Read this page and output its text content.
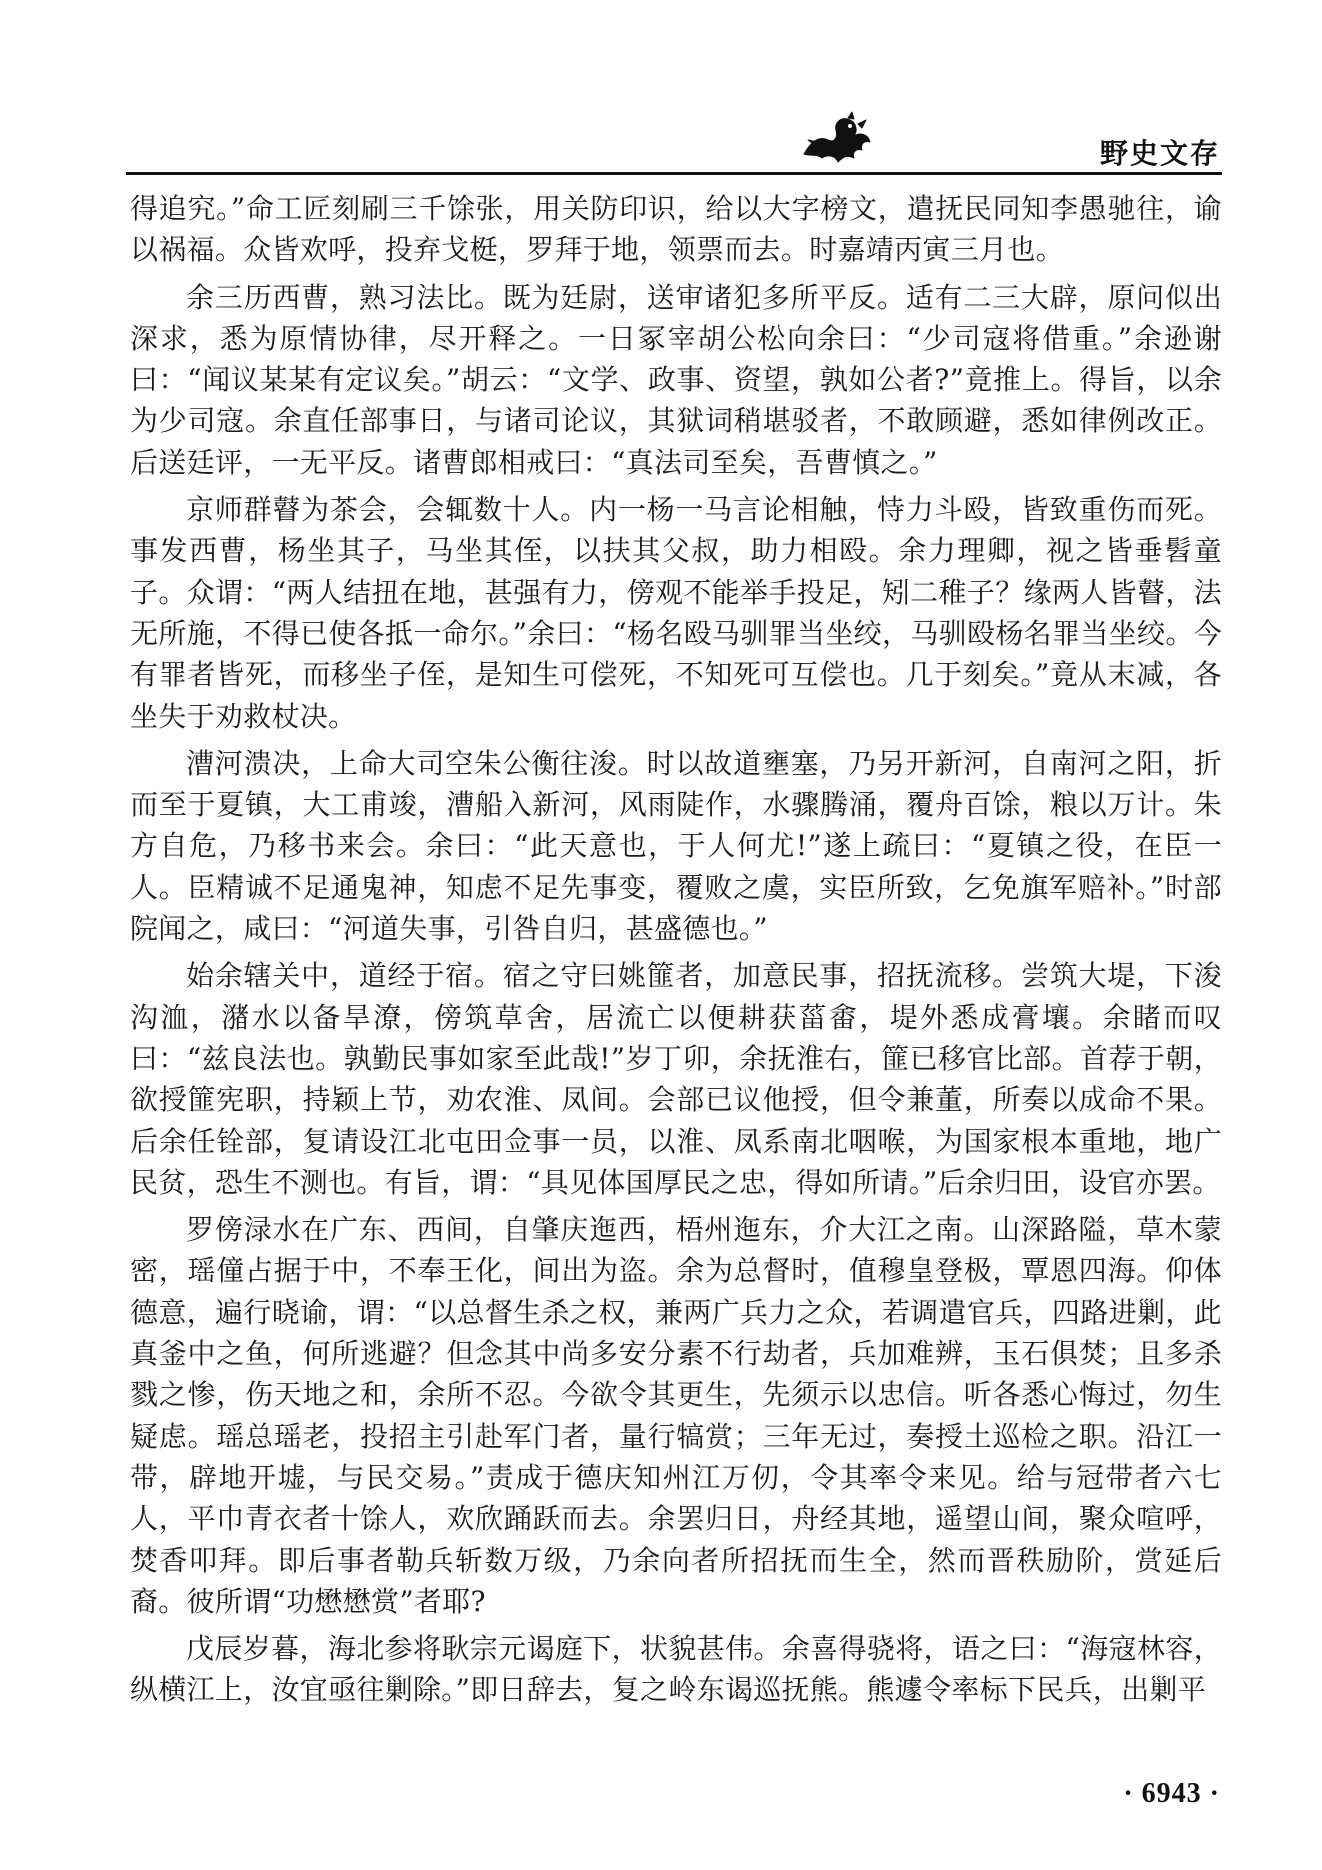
野史文存

得追究。”命工匠刻刷三千馀张，用关防印识，给以大字榜文，遣抚民同知李愚驰往，谕以祸福。众皆欢呼，投弃戈梃，罗拜于地，领票而去。时嘉靖丙寅三月也。

余三历西曹，熟习法比。既为廷尉，送审诸犯多所平反。适有二三大辟，原问似出深求，悉为原情协律，尽开释之。一日冢宰胡公松向余曰：“少司寇将借重。”余逊谢曰：“闻议某某有定议矣。”胡云：“文学、政事、资望，孰如公者?”竟推上。得旨，以余为少司寇。余直任部事日，与诸司论议，其狱词稍堪驳者，不敢顾避，悉如律例改正。后送廷评，一无平反。诸曹郎相戒曰：“真法司至矣，吾曹慎之。”

京师群瞽为茶会，会辄数十人。内一杨一马言论相触，恃力斗殴，皆致重伤而死。事发西曹，杨坐其子，马坐其侄，以扶其父叔，助力相殴。余力理卿，视之皆垂髫童子。众谓：“两人结扭在地，甚强有力，傍观不能举手投足，矧二稚子？缘两人皆瞽，法无所施，不得已使各抵一命尔。”余曰：“杨名殴马驯罪当坐绞，马驯殴杨名罪当坐绞。今有罪者皆死，而移坐子侄，是知生可偿死，不知死可互偿也。几于刻矣。”竟从末减，各坐失于劝救杖决。

漕河溃决，上命大司空朱公衡往浚。时以故道壅塞，乃另开新河，自南河之阳，折而至于夏镇，大工甫竣，漕船入新河，风雨陡作，水骤腾涌，覆舟百馀，粮以万计。朱方自危，乃移书来会。余曰：“此天意也，于人何尤!”遂上疏曰：“夏镇之役，在臣一人。臣精诚不足通鬼神，知虑不足先事变，覆败之虞，实臣所致，乞免旗军赔补。”时部院闻之，咸曰：“河道失事，引咎自归，甚盛德也。”

始余辖关中，道经于宿。宿之守曰姚篚者，加意民事，招抚流移。尝筑大堤，下浚沟洫，潴水以备旱潦，傍筑草舍，居流亡以便耕获菑畬，堤外悉成膏壤。余睹而叹曰：“兹良法也。孰勤民事如家至此哉!”岁丁卯，余抚淮右，篚已移官比部。首荐于朝，欲授篚宪职，持颖上节，劝农淮、凤间。会部已议他授，但令兼董，所奏以成命不果。后余任铨部，复请设江北屯田佥事一员，以淮、凤系南北咽喉，为国家根本重地，地广民贫，恐生不测也。有旨，谓：“具见体国厚民之忠，得如所请。”后余归田，设官亦罢。

罗傍渌水在广东、西间，自肇庆迤西，梧州迤东，介大江之南。山深路隘，草木蒙密，瑶僮占据于中，不奉王化，间出为盗。余为总督时，值穆皇登极，覃恩四海。仰体德意，遍行晓谕，谓：“以总督生杀之权，兼两广兵力之众，若调遣官兵，四路进剿，此真釜中之鱼，何所逃避？但念其中尚多安分素不行劫者，兵加难辨，玉石俱焚；且多杀戮之惨，伤天地之和，余所不忍。今欲令其更生，先须示以忠信。听各悉心悔过，勿生疑虑。瑶总瑶老，投招主引赴军门者，量行犒赏；三年无过，奏授土巡检之职。沿江一带，辟地开墟，与民交易。”责成于德庆知州江万仞，令其率令来见。给与冠带者六七人，平巾青衣者十馀人，欢欣踊跃而去。余罢归日，舟经其地，遥望山间，聚众喧呼，焚香叩拜。即后事者勒兵斩数万级，乃余向者所招抚而生全，然而晋秩励阶，赏延后裔。彼所谓“功懋懋赏”者耶?

戊辰岁暮，海北参将耿宗元谒庭下，状貌甚伟。余喜得骁将，语之曰：“海寇林容，纵横江上，汝宜亟往剿除。”即日辞去，复之岭东谒巡抚熊。熊遽令率标下民兵，出剿平

· 6943 ·
